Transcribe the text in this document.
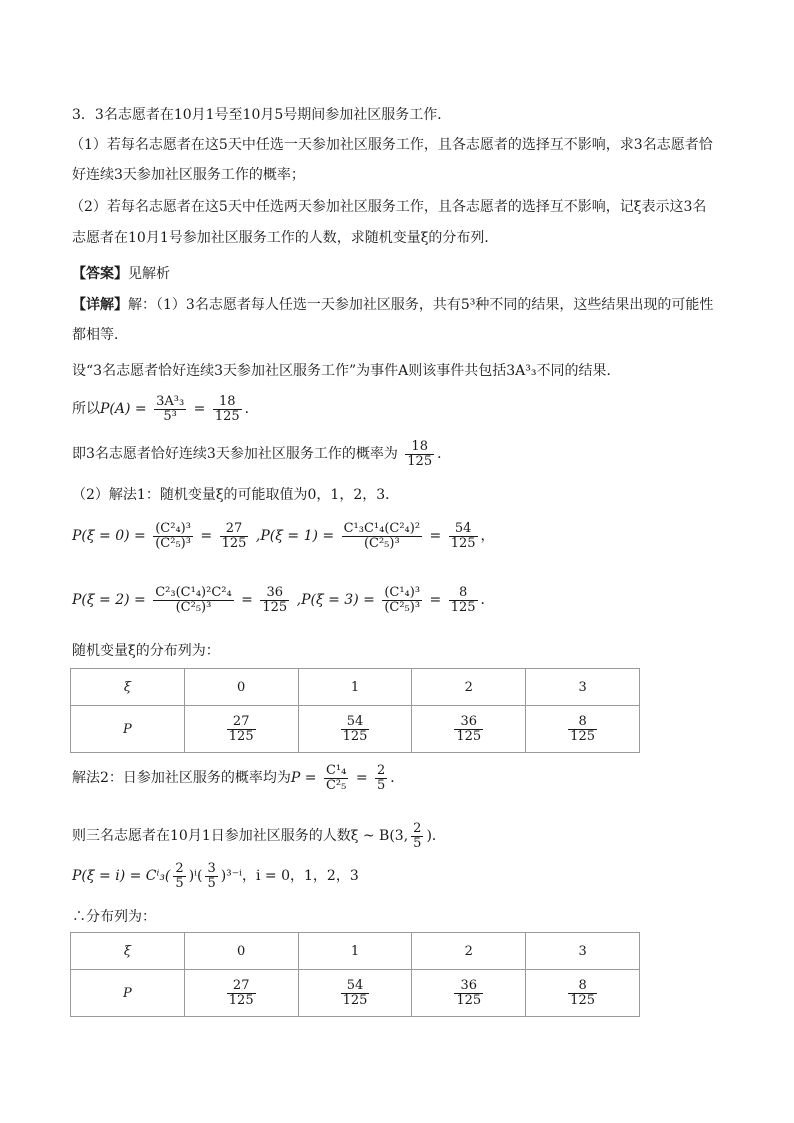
3．3名志愿者在10月1号至10月5号期间参加社区服务工作．
（1）若每名志愿者在这5天中任选一天参加社区服务工作，且各志愿者的选择互不影响，求3名志愿者恰
好连续3天参加社区服务工作的概率；
（2）若每名志愿者在这5天中任选两天参加社区服务工作，且各志愿者的选择互不影响，记ξ表示这3名
志愿者在10月1号参加社区服务工作的人数，求随机变量ξ的分布列．
【答案】见解析
【详解】解：（1）3名志愿者每人任选一天参加社区服务，共有5³种不同的结果，这些结果出现的可能性
都相等．
设“3名志愿者恰好连续3天参加社区服务工作”为事件A则该事件共包括3A³₃不同的结果．
所以$P(A) = \frac{\text{3A³₃}}{\text{5³}} = \frac{18}{125}$ ．
即3名志愿者恰好连续3天参加社区服务工作的概率为 $\frac{18}{125}$ ．
（2）解法1：随机变量ξ的可能取值为0，1，2，3．
$P(\xi = 0) = \frac{\text{(C²₄)³}}{\text{(C²₅)³}} = \frac{27}{125} ,P(\xi = 1) = \frac{\text{C¹₃C¹₄(C²₄)²}}{\text{(C²₅)³}} = \frac{54}{125}$ ，
$P(\xi = 2) = \frac{\text{C²₃(C¹₄)²C²₄}}{\text{(C²₅)³}} = \frac{36}{125} ,P(\xi = 3) = \frac{\text{(C¹₄)³}}{\text{(C²₅)³}} = \frac{8}{125}$ ．
随机变量ξ的分布列为：
ξ	0	1	2	3
P	$\frac{27}{125}$	$\frac{54}{125}$	$\frac{36}{125}$	$\frac{8}{125}$
解法2：日参加社区服务的概率均为$P = \frac{\text{C¹₄}}{\text{C²₅}} = \frac{2}{5}$ ．
则三名志愿者在10月1日参加社区服务的人数ξ ~ B(3, $\frac{2}{5}$ )．
$P(\xi = i) = C^i_3( \frac{2}{5} )^i( \frac{3}{5} )^{3-i}$，i = 0，1，2，3
∴分布列为：
ξ	0	1	2	3
P	$\frac{27}{125}$	$\frac{54}{125}$	$\frac{36}{125}$	$\frac{8}{125}$
